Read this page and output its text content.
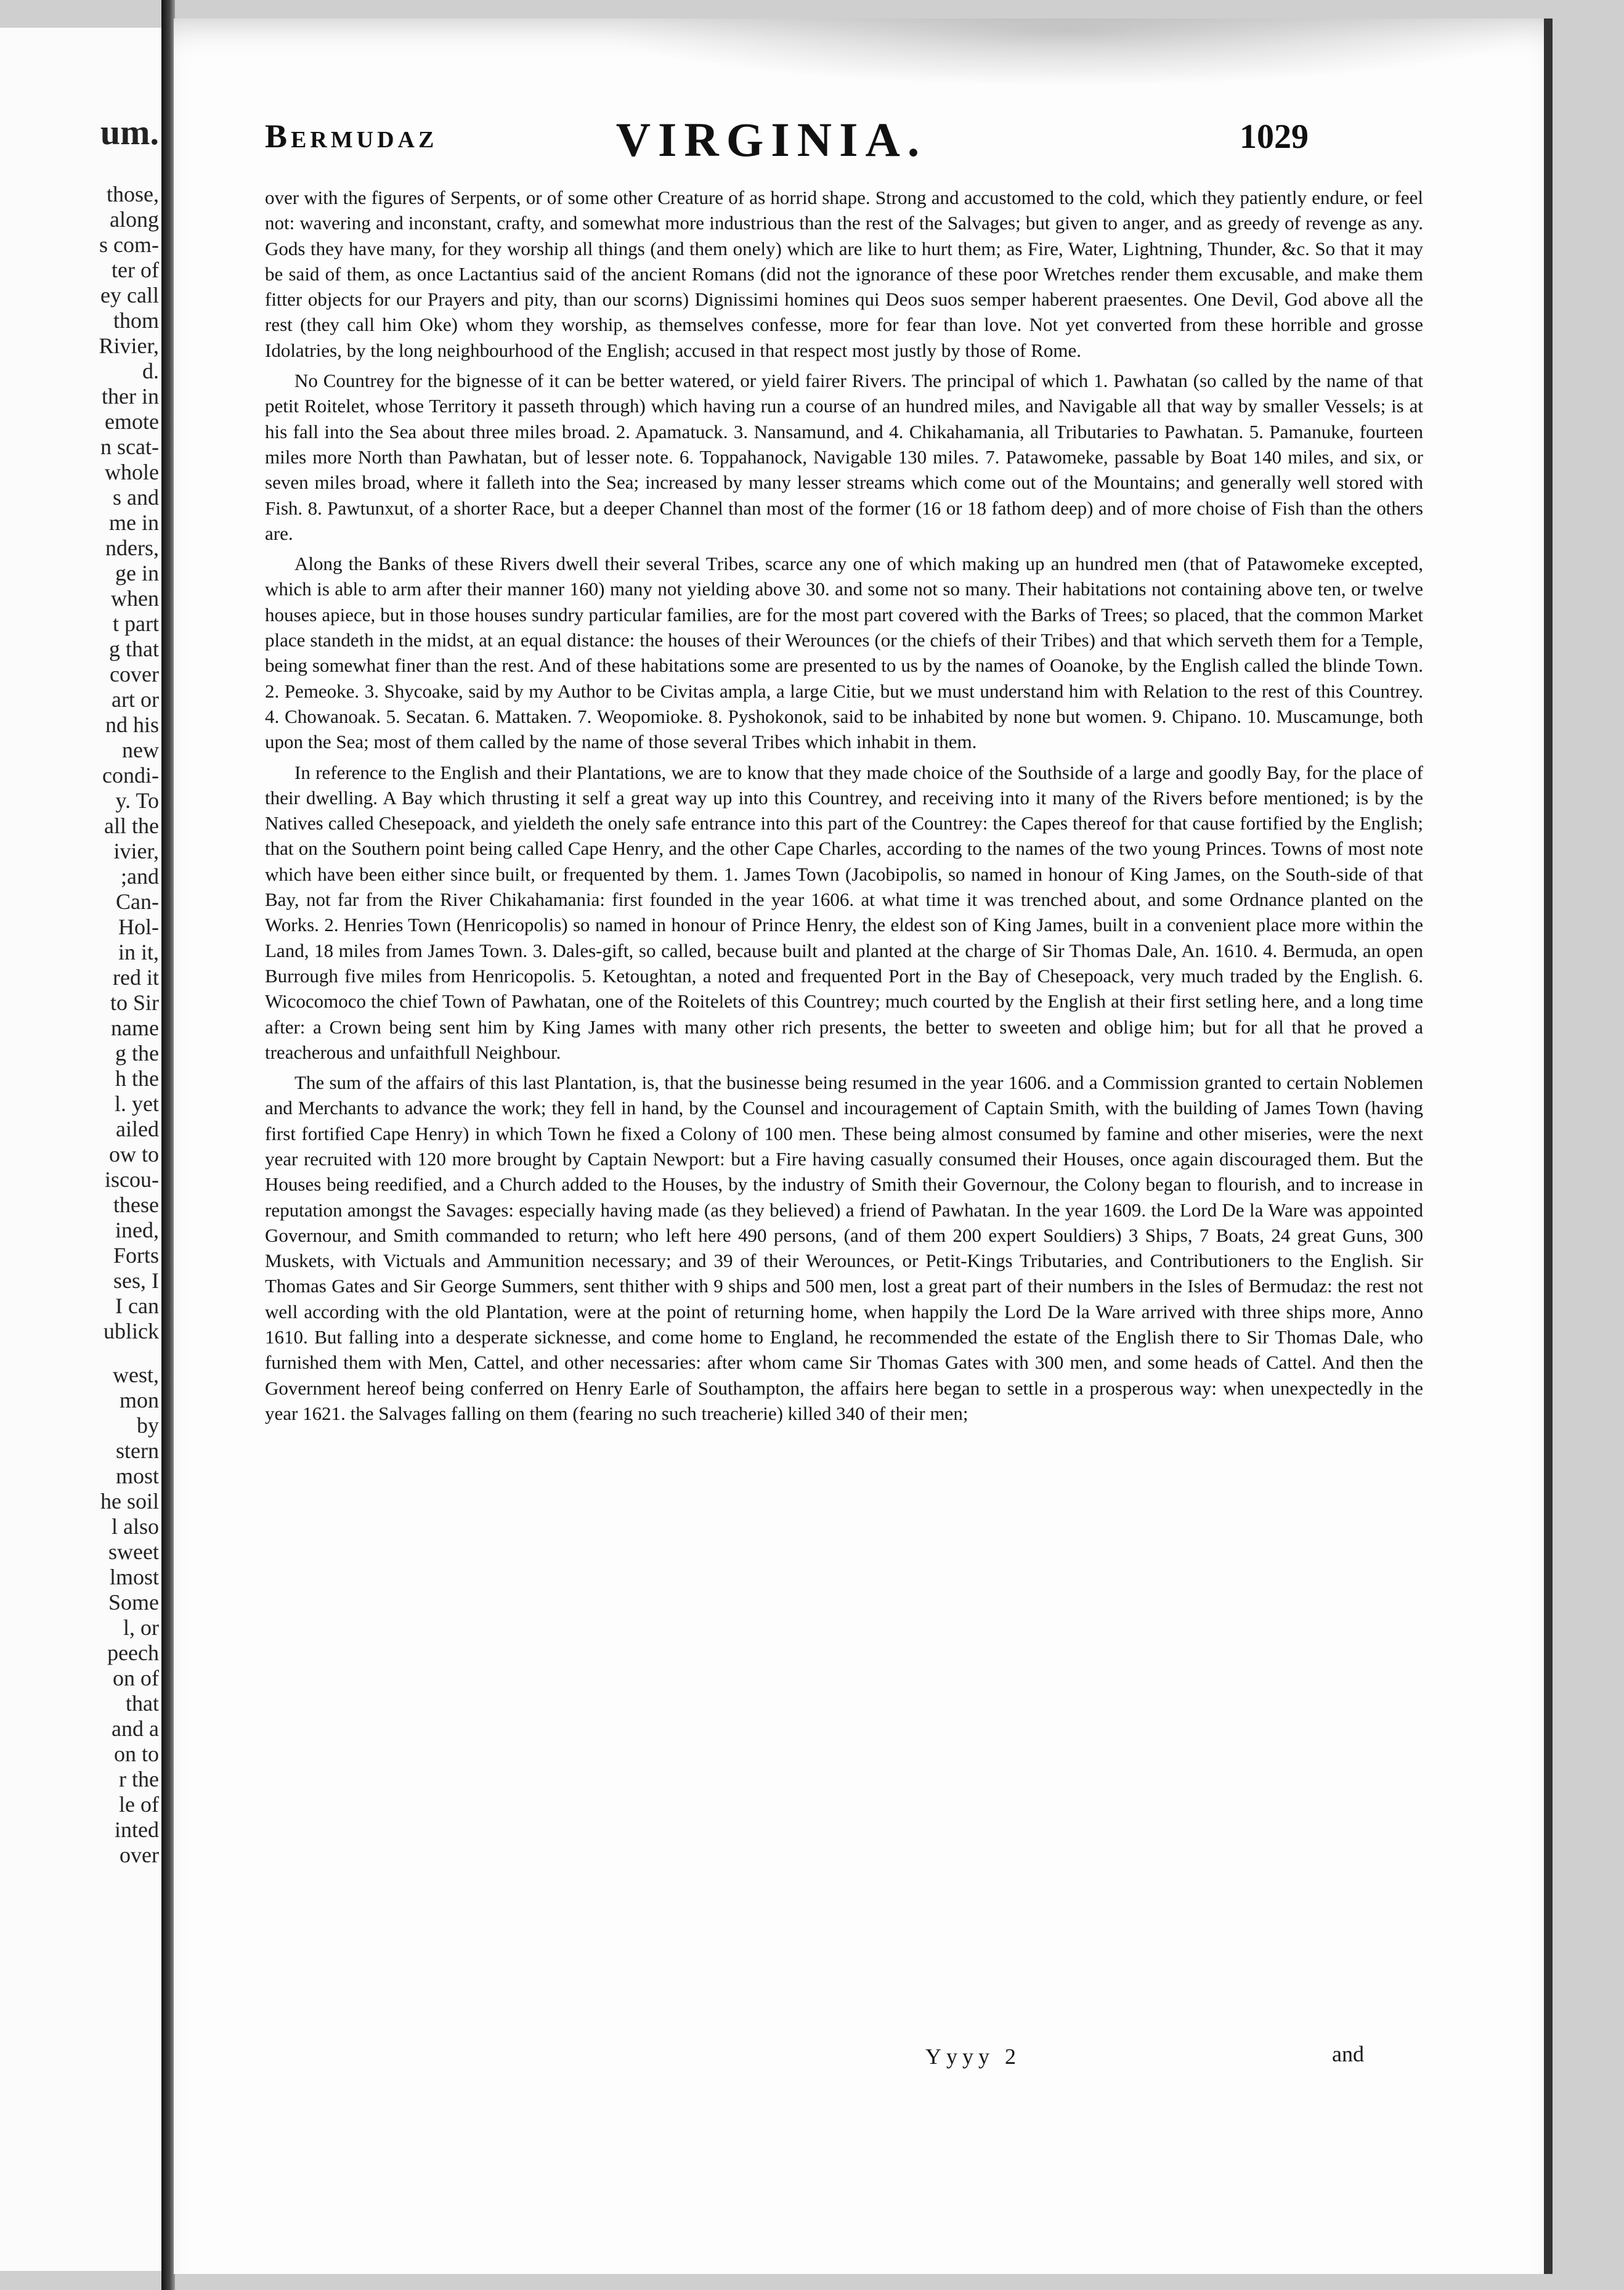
um.
those,
along
s com-
ter of
ey call
thom
Rivier,
d.
ther in
emote
n scat-
whole
s and
me in
nders,
ge in
when
t part
g that
cover
art or
nd his
new
condi-
y. To
all the
ivier,
;and
Can-
Hol-
in it,
red it
to Sir
name
g the
h the
l. yet
ailed
ow to
iscou-
these
ined,
Forts
ses, I
I can
ublick
west,
mon
by
stern
most
he soil
l also
sweet
lmost
Some
l, or
peech
on of
that
and a
on to
r the
le of
inted
over
Bermudaz	VIRGINIA.	1029

over with the figures of Serpents, or of some other Creature of as horrid shape. Strong and accustomed to the cold, which they patiently endure, or feel not: wavering and inconstant, crafty, and somewhat more industrious than the rest of the Salvages; but given to anger, and as greedy of revenge as any. Gods they have many, for they worship all things (and them onely) which are like to hurt them; as Fire, Water, Lightning, Thunder, &c. So that it may be said of them, as once Lactantius said of the ancient Romans (did not the ignorance of these poor Wretches render them excusable, and make them fitter objects for our Prayers and pity, than our scorns) Dignissimi homines qui Deos suos semper haberent praesentes. One Devil, God above all the rest (they call him Oke) whom they worship, as themselves confesse, more for fear than love. Not yet converted from these horrible and grosse Idolatries, by the long neighbourhood of the English; accused in that respect most justly by those of Rome.

No Countrey for the bignesse of it can be better watered, or yield fairer Rivers. The principal of which 1. Pawhatan (so called by the name of that petit Roitelet, whose Territory it passeth through) which having run a course of an hundred miles, and Navigable all that way by smaller Vessels; is at his fall into the Sea about three miles broad. 2. Apamatuck. 3. Nansamund, and 4. Chikahamania, all Tributaries to Pawhatan. 5. Pamanuke, fourteen miles more North than Pawhatan, but of lesser note. 6. Toppahanock, Navigable 130 miles. 7. Patawomeke, passable by Boat 140 miles, and six, or seven miles broad, where it falleth into the Sea; increased by many lesser streams which come out of the Mountains; and generally well stored with Fish. 8. Pawtunxut, of a shorter Race, but a deeper Channel than most of the former (16 or 18 fathom deep) and of more choise of Fish than the others are.

Along the Banks of these Rivers dwell their several Tribes, scarce any one of which making up an hundred men (that of Patawomeke excepted, which is able to arm after their manner 160) many not yielding above 30. and some not so many. Their habitations not containing above ten, or twelve houses apiece, but in those houses sundry particular families, are for the most part covered with the Barks of Trees; so placed, that the common Market place standeth in the midst, at an equal distance: the houses of their Werounces (or the chiefs of their Tribes) and that which serveth them for a Temple, being somewhat finer than the rest. And of these habitations some are presented to us by the names of Ooanoke, by the English called the blinde Town. 2. Pemeoke. 3. Shycoake, said by my Author to be Civitas ampla, a large Citie, but we must understand him with Relation to the rest of this Countrey. 4. Chowanoak. 5. Secatan. 6. Mattaken. 7. Weopomioke. 8. Pyshokonok, said to be inhabited by none but women. 9. Chipano. 10. Muscamunge, both upon the Sea; most of them called by the name of those several Tribes which inhabit in them.

In reference to the English and their Plantations, we are to know that they made choice of the Southside of a large and goodly Bay, for the place of their dwelling. A Bay which thrusting it self a great way up into this Countrey, and receiving into it many of the Rivers before mentioned; is by the Natives called Chesepoack, and yieldeth the onely safe entrance into this part of the Countrey: the Capes thereof for that cause fortified by the English; that on the Southern point being called Cape Henry, and the other Cape Charles, according to the names of the two young Princes. Towns of most note which have been either since built, or frequented by them. 1. James Town (Jacobipolis, so named in honour of King James, on the South-side of that Bay, not far from the River Chikahamania: first founded in the year 1606. at what time it was trenched about, and some Ordnance planted on the Works. 2. Henries Town (Henricopolis) so named in honour of Prince Henry, the eldest son of King James, built in a convenient place more within the Land, 18 miles from James Town. 3. Dales-gift, so called, because built and planted at the charge of Sir Thomas Dale, An. 1610. 4. Bermuda, an open Burrough five miles from Henricopolis. 5. Ketoughtan, a noted and frequented Port in the Bay of Chesepoack, very much traded by the English. 6. Wicocomoco the chief Town of Pawhatan, one of the Roitelets of this Countrey; much courted by the English at their first setling here, and a long time after: a Crown being sent him by King James with many other rich presents, the better to sweeten and oblige him; but for all that he proved a treacherous and unfaithfull Neighbour.

The sum of the affairs of this last Plantation, is, that the businesse being resumed in the year 1606. and a Commission granted to certain Noblemen and Merchants to advance the work; they fell in hand, by the Counsel and incouragement of Captain Smith, with the building of James Town (having first fortified Cape Henry) in which Town he fixed a Colony of 100 men. These being almost consumed by famine and other miseries, were the next year recruited with 120 more brought by Captain Newport: but a Fire having casually consumed their Houses, once again discouraged them. But the Houses being reedified, and a Church added to the Houses, by the industry of Smith their Governour, the Colony began to flourish, and to increase in reputation amongst the Savages: especially having made (as they believed) a friend of Pawhatan. In the year 1609. the Lord De la Ware was appointed Governour, and Smith commanded to return; who left here 490 persons, (and of them 200 expert Souldiers) 3 Ships, 7 Boats, 24 great Guns, 300 Muskets, with Victuals and Ammunition necessary; and 39 of their Werounces, or Petit-Kings Tributaries, and Contributioners to the English. Sir Thomas Gates and Sir George Summers, sent thither with 9 ships and 500 men, lost a great part of their numbers in the Isles of Bermudaz: the rest not well according with the old Plantation, were at the point of returning home, when happily the Lord De la Ware arrived with three ships more, Anno 1610. But falling into a desperate sicknesse, and come home to England, he recommended the estate of the English there to Sir Thomas Dale, who furnished them with Men, Cattel, and other necessaries: after whom came Sir Thomas Gates with 300 men, and some heads of Cattel. And then the Government hereof being conferred on Henry Earle of Southampton, the affairs here began to settle in a prosperous way: when unexpectedly in the year 1621. the Salvages falling on them (fearing no such treacherie) killed 340 of their men;

Yyyy 2	and
